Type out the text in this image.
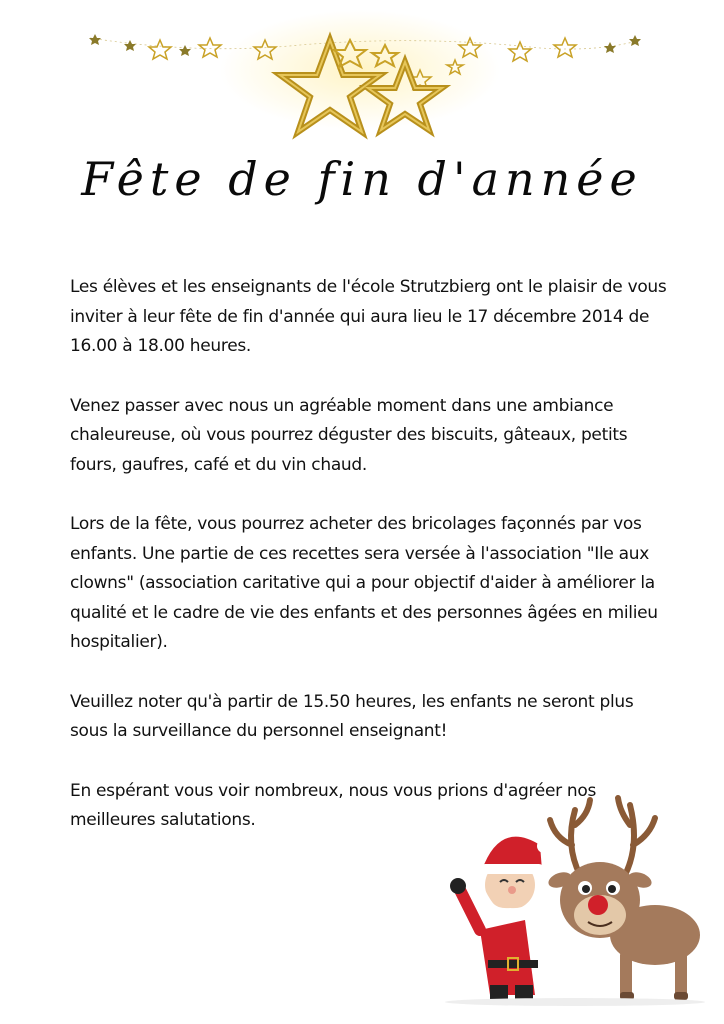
Fête de fin d'année

Les élèves et les enseignants de l'école Strutzbierg ont le plaisir de vous inviter à leur fête de fin d'année qui aura lieu le 17 décembre 2014 de 16.00 à 18.00 heures.

Venez passer avec nous un agréable moment dans une ambiance chaleureuse, où vous pourrez déguster des biscuits, gâteaux, petits fours, gaufres, café et du vin chaud.

Lors de la fête, vous pourrez acheter des bricolages façonnés par vos enfants. Une partie de ces recettes sera versée à l'association "Ile aux clowns" (association caritative qui a pour objectif d'aider à améliorer la qualité et le cadre de vie des enfants et des personnes âgées en milieu hospitalier).

Veuillez noter qu'à partir de 15.50 heures, les enfants ne seront plus sous la surveillance du personnel enseignant!

En espérant vous voir nombreux, nous vous prions d'agréer nos meilleures salutations.
